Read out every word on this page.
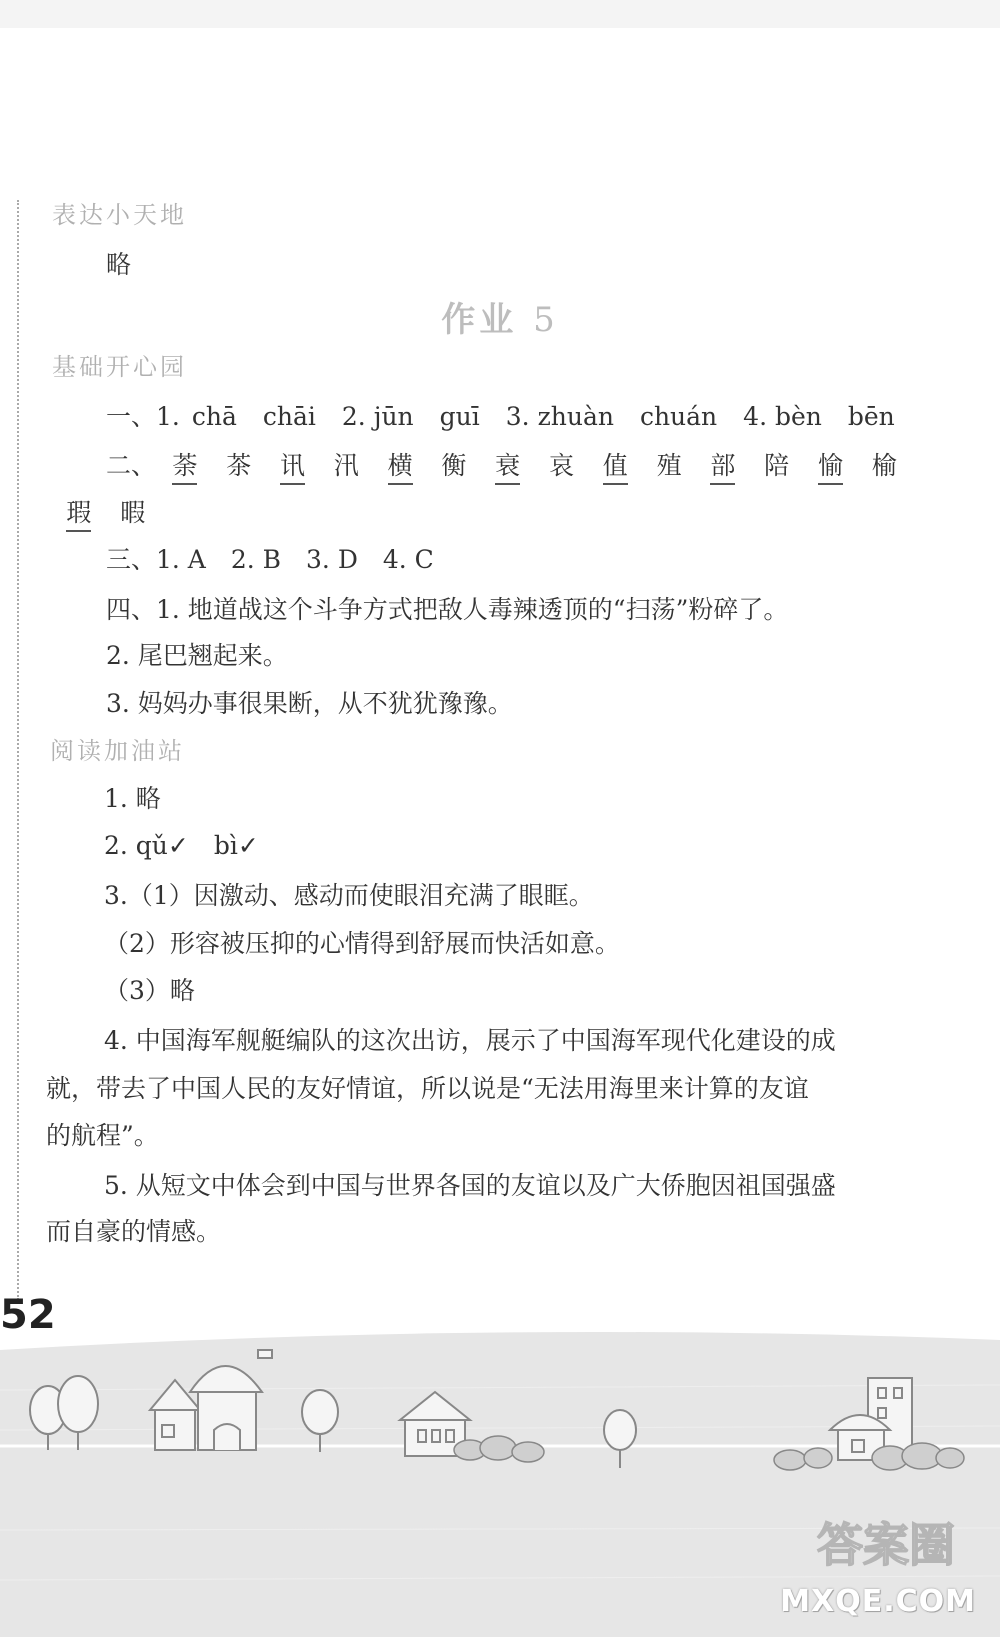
表达小天地
略
作业 5
基础开心园
一、1. chā chāi 2. jūn guī 3. zhuàn chuán 4. bèn bēn
二、 荼	茶	讯	汛	横	衡	衰	哀	值	殖	部	陪	愉	榆
瑕	暇
三、1. A　2. B　3. D　4. C
四、1. 地道战这个斗争方式把敌人毒辣透顶的“扫荡”粉碎了。
2. 尾巴翘起来。
3. 妈妈办事很果断，从不犹犹豫豫。
阅读加油站
1. 略
2. qǔ✓　bì✓
3.（1）因激动、感动而使眼泪充满了眼眶。
（2）形容被压抑的心情得到舒展而快活如意。
（3）略
4. 中国海军舰艇编队的这次出访，展示了中国海军现代化建设的成
就，带去了中国人民的友好情谊，所以说是“无法用海里来计算的友谊
的航程”。
5. 从短文中体会到中国与世界各国的友谊以及广大侨胞因祖国强盛
而自豪的情感。
52
答案圈
MXQE.COM
